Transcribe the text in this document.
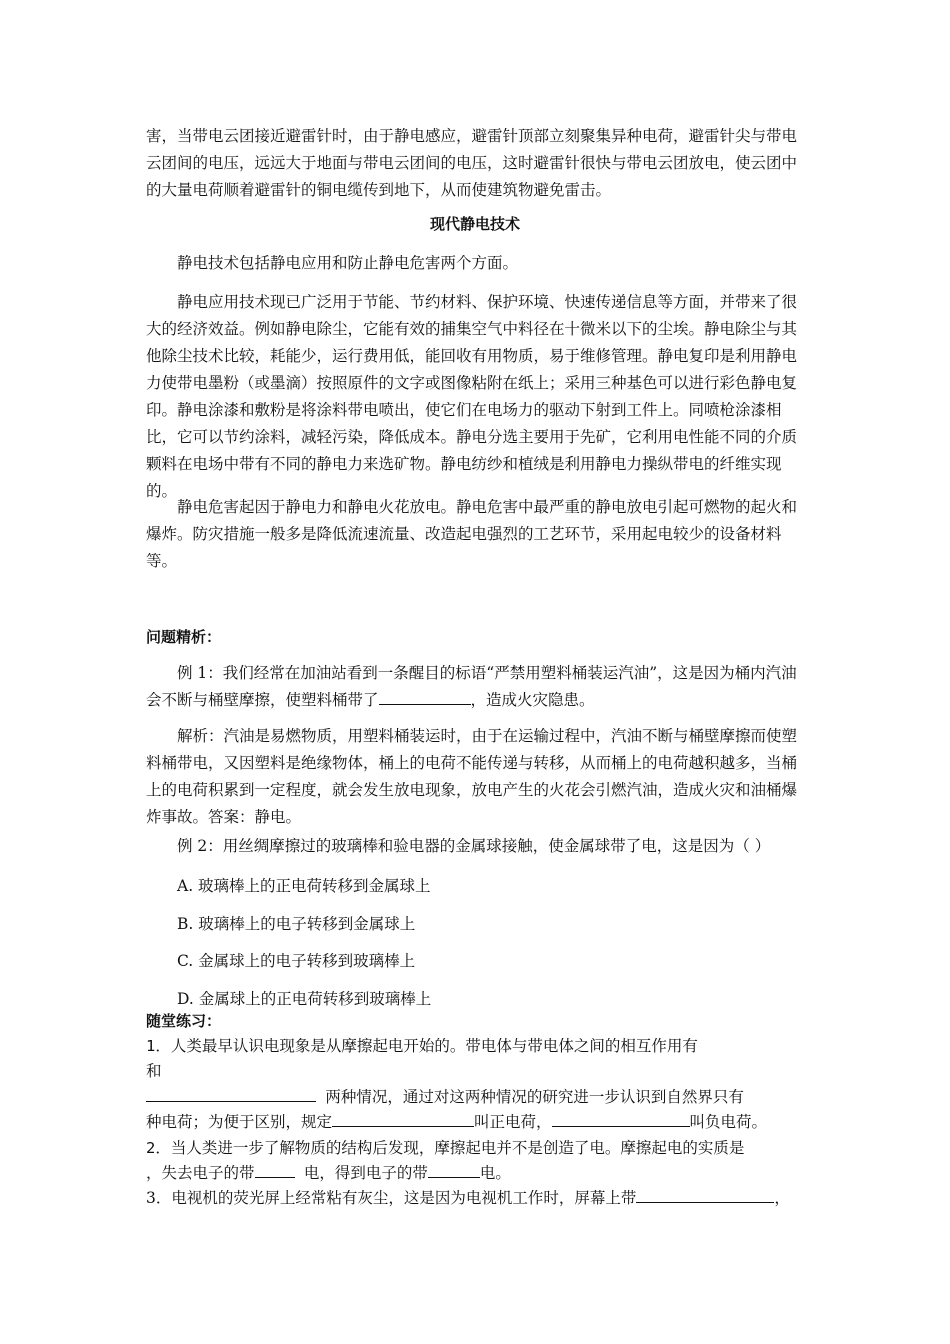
害，当带电云团接近避雷针时，由于静电感应，避雷针顶部立刻聚集异种电荷，避雷针尖与带电云团间的电压，远远大于地面与带电云团间的电压，这时避雷针很快与带电云团放电，使云团中的大量电荷顺着避雷针的铜电缆传到地下，从而使建筑物避免雷击。

现代静电技术

静电技术包括静电应用和防止静电危害两个方面。

静电应用技术现已广泛用于节能、节约材料、保护环境、快速传递信息等方面，并带来了很大的经济效益。例如静电除尘，它能有效的捕集空气中料径在十微米以下的尘埃。静电除尘与其他除尘技术比较，耗能少，运行费用低，能回收有用物质，易于维修管理。静电复印是利用静电力使带电墨粉（或墨滴）按照原件的文字或图像粘附在纸上；采用三种基色可以进行彩色静电复印。静电涂漆和敷粉是将涂料带电喷出，使它们在电场力的驱动下射到工件上。同喷枪涂漆相比，它可以节约涂料，减轻污染，降低成本。静电分选主要用于先矿，它利用电性能不同的介质颗料在电场中带有不同的静电力来选矿物。静电纺纱和植绒是利用静电力操纵带电的纤维实现的。

静电危害起因于静电力和静电火花放电。静电危害中最严重的静电放电引起可燃物的起火和爆炸。防灾措施一般多是降低流速流量、改造起电强烈的工艺环节，采用起电较少的设备材料等。

问题精析：

例 1：我们经常在加油站看到一条醒目的标语“严禁用塑料桶装运汽油”，这是因为桶内汽油会不断与桶壁摩擦，使塑料桶带了	，造成火灾隐患。

解析：汽油是易燃物质，用塑料桶装运时，由于在运输过程中，汽油不断与桶壁摩擦而使塑料桶带电，又因塑料是绝缘物体，桶上的电荷不能传递与转移，从而桶上的电荷越积越多，当桶上的电荷积累到一定程度，就会发生放电现象，放电产生的火花会引燃汽油，造成火灾和油桶爆炸事故。答案：静电。

例 2：用丝绸摩擦过的玻璃棒和验电器的金属球接触，使金属球带了电，这是因为（ ）

A. 玻璃棒上的正电荷转移到金属球上

B. 玻璃棒上的电子转移到金属球上

C. 金属球上的电子转移到玻璃棒上

D. 金属球上的正电荷转移到玻璃棒上

随堂练习：

1．人类最早认识电现象是从摩擦起电开始的。带电体与带电体之间的相互作用有

和

两种情况，通过对这两种情况的研究进一步认识到自然界只有

种电荷；为便于区别，规定	叫正电荷，	叫负电荷。

2．当人类进一步了解物质的结构后发现，摩擦起电并不是创造了电。摩擦起电的实质是

，失去电子的带	电，得到电子的带	电。

3．电视机的荧光屏上经常粘有灰尘，这是因为电视机工作时，屏幕上带	，
